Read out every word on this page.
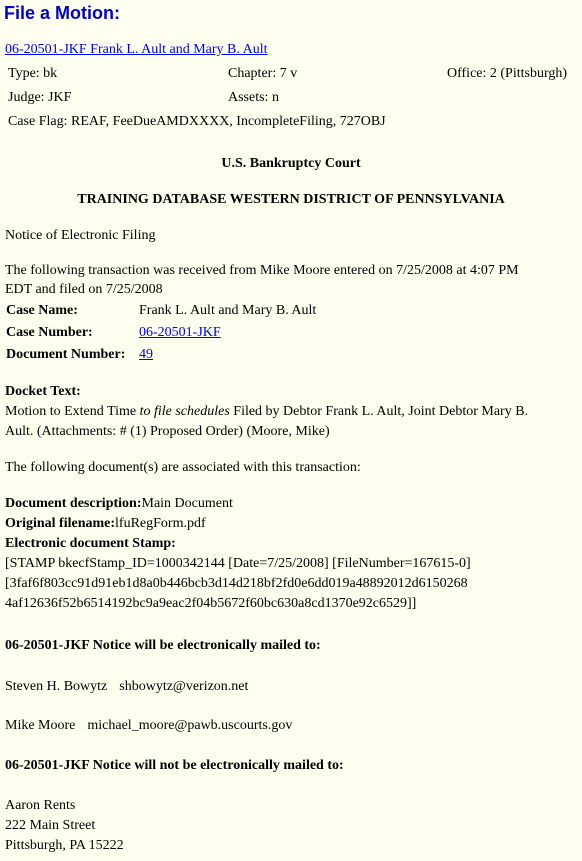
File a Motion:
06-20501-JKF Frank L. Ault and Mary B. Ault
Type: bk	Chapter: 7 v	Office: 2 (Pittsburgh)
Judge: JKF	Assets: n
Case Flag: REAF, FeeDueAMDXXXX, IncompleteFiling, 727OBJ
U.S. Bankruptcy Court
TRAINING DATABASE WESTERN DISTRICT OF PENNSYLVANIA
Notice of Electronic Filing
The following transaction was received from Mike Moore entered on 7/25/2008 at 4:07 PM
EDT and filed on 7/25/2008
Case Name:	Frank L. Ault and Mary B. Ault
Case Number:	06-20501-JKF
Document Number: 49
Docket Text:
Motion to Extend Time to file schedules Filed by Debtor Frank L. Ault, Joint Debtor Mary B.
Ault. (Attachments: # (1) Proposed Order) (Moore, Mike)
The following document(s) are associated with this transaction:
Document description:Main Document
Original filename:lfuRegForm.pdf
Electronic document Stamp:
[STAMP bkecfStamp_ID=1000342144 [Date=7/25/2008] [FileNumber=167615-0]
[3faf6f803cc91d91eb1d8a0b446bcb3d14d218bf2fd0e6dd019a48892012d6150268
4af12636f52b6514192bc9a9eac2f04b5672f60bc630a8cd1370e92c6529]]
06-20501-JKF Notice will be electronically mailed to:
Steven H. Bowytz shbowytz@verizon.net
Mike Moore michael_moore@pawb.uscourts.gov
06-20501-JKF Notice will not be electronically mailed to:
Aaron Rents
222 Main Street
Pittsburgh, PA 15222
